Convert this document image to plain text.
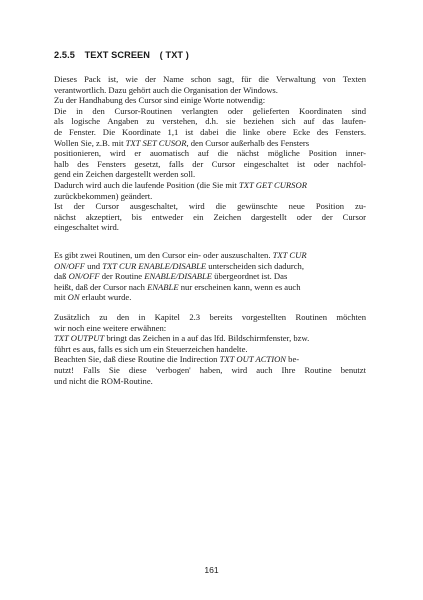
2.5.5 TEXT SCREEN ( TXT )
Dieses Pack ist, wie der Name schon sagt, für die Verwaltung von Texten
verantwortlich. Dazu gehört auch die Organisation der Windows.
Zu der Handhabung des Cursor sind einige Worte notwendig:
Die in den Cursor-Routinen verlangten oder gelieferten Koordinaten sind
als logische Angaben zu verstehen, d.h. sie beziehen sich auf das laufen-
de Fenster. Die Koordinate 1,1 ist dabei die linke obere Ecke des Fensters.
Wollen Sie, z.B. mit TXT SET CUSOR, den Cursor außerhalb des Fensters
positionieren, wird er auomatisch auf die nächst mögliche Position inner-
halb des Fensters gesetzt, falls der Cursor eingeschaltet ist oder nachfol-
gend ein Zeichen dargestellt werden soll.
Dadurch wird auch die laufende Position (die Sie mit TXT GET CURSOR
zurückbekommen) geändert.
Ist der Cursor ausgeschaltet, wird die gewünschte neue Position zu-
nächst akzeptiert, bis entweder ein Zeichen dargestellt oder der Cursor
eingeschaltet wird.
Es gibt zwei Routinen, um den Cursor ein- oder auszuschalten. TXT CUR
ON/OFF und TXT CUR ENABLE/DISABLE unterscheiden sich dadurch,
daß ON/OFF der Routine ENABLE/DISABLE übergeordnet ist. Das
heißt, daß der Cursor nach ENABLE nur erscheinen kann, wenn es auch
mit ON erlaubt wurde.
Zusätzlich zu den in Kapitel 2.3 bereits vorgestellten Routinen möchten
wir noch eine weitere erwähnen:
TXT OUTPUT bringt das Zeichen in a auf das lfd. Bildschirmfenster, bzw.
führt es aus, falls es sich um ein Steuerzeichen handelte.
Beachten Sie, daß diese Routine die Indirection TXT OUT ACTION be-
nutzt! Falls Sie diese 'verbogen' haben, wird auch Ihre Routine benutzt
und nicht die ROM-Routine.
161
